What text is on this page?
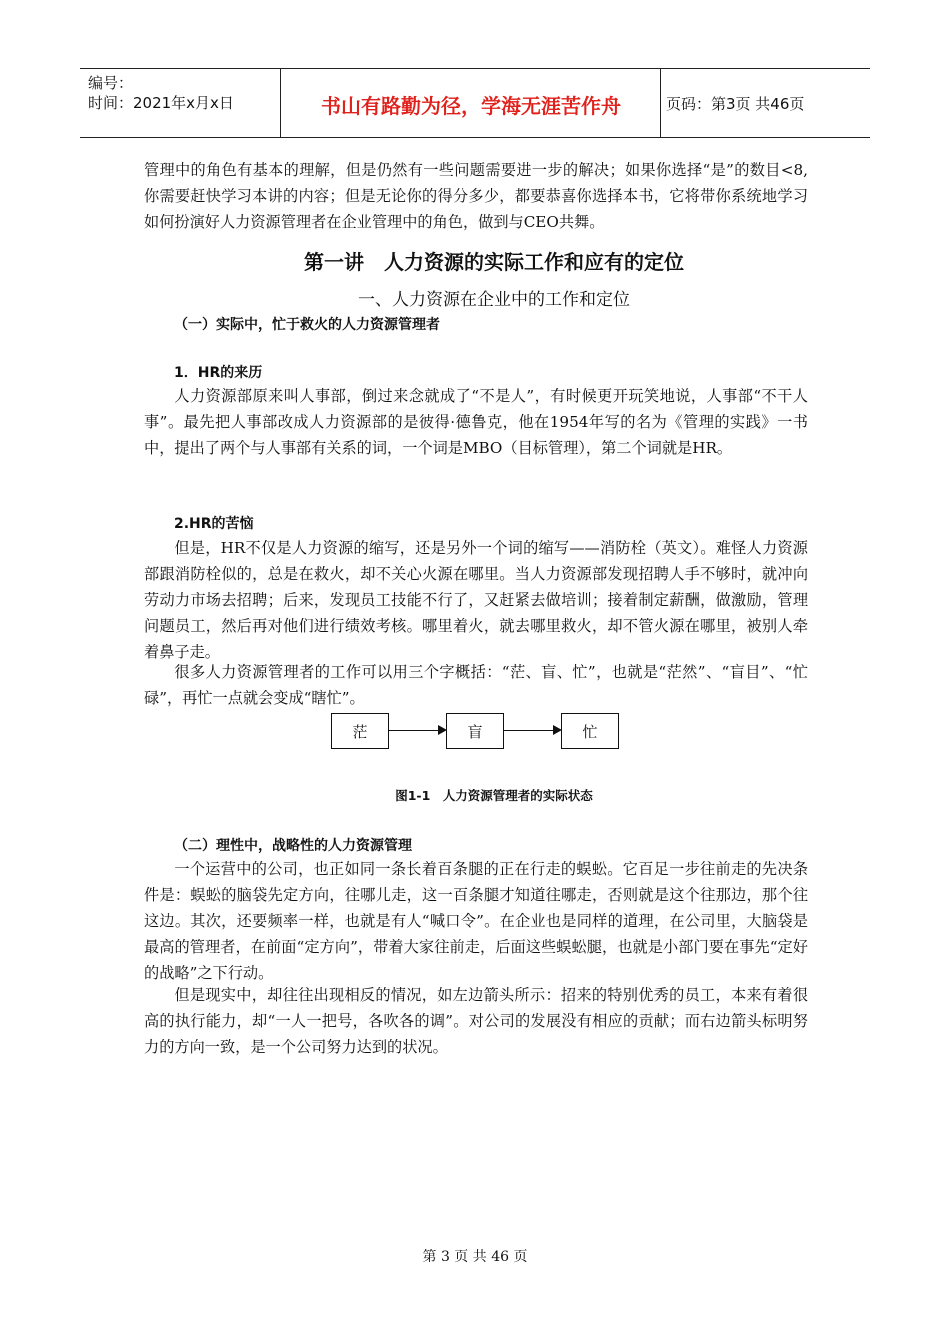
编号：
时间：2021年x月x日	书山有路勤为径，学海无涯苦作舟	页码：第3页 共46页
管理中的角色有基本的理解，但是仍然有一些问题需要进一步的解决；如果你选择“是”的数目<8,你需要赶快学习本讲的内容；但是无论你的得分多少，都要恭喜你选择本书，它将带你系统地学习如何扮演好人力资源管理者在企业管理中的角色，做到与CEO共舞。
第一讲　人力资源的实际工作和应有的定位
一、人力资源在企业中的工作和定位
（一）实际中，忙于救火的人力资源管理者
1．HR的来历
人力资源部原来叫人事部，倒过来念就成了“不是人”，有时候更开玩笑地说，人事部“不干人事”。最先把人事部改成人力资源部的是彼得·德鲁克，他在1954年写的名为《管理的实践》一书中，提出了两个与人事部有关系的词，一个词是MBO（目标管理），第二个词就是HR。
2.HR的苦恼
但是，HR不仅是人力资源的缩写，还是另外一个词的缩写——消防栓（英文）。难怪人力资源部跟消防栓似的，总是在救火，却不关心火源在哪里。当人力资源部发现招聘人手不够时，就冲向劳动力市场去招聘；后来，发现员工技能不行了，又赶紧去做培训；接着制定薪酬，做激励，管理问题员工，然后再对他们进行绩效考核。哪里着火，就去哪里救火，却不管火源在哪里，被别人牵着鼻子走。
很多人力资源管理者的工作可以用三个字概括：“茫、盲、忙”，也就是“茫然”、“盲目”、“忙碌”，再忙一点就会变成“瞎忙”。
茫	盲	忙
图1-1　人力资源管理者的实际状态
（二）理性中，战略性的人力资源管理
一个运营中的公司，也正如同一条长着百条腿的正在行走的蜈蚣。它百足一步往前走的先决条件是：蜈蚣的脑袋先定方向，往哪儿走，这一百条腿才知道往哪走，否则就是这个往那边，那个往这边。其次，还要频率一样，也就是有人“喊口令”。在企业也是同样的道理，在公司里，大脑袋是最高的管理者，在前面“定方向”，带着大家往前走，后面这些蜈蚣腿，也就是小部门要在事先“定好的战略”之下行动。
但是现实中，却往往出现相反的情况，如左边箭头所示：招来的特别优秀的员工，本来有着很高的执行能力，却“一人一把号，各吹各的调”。对公司的发展没有相应的贡献；而右边箭头标明努力的方向一致，是一个公司努力达到的状况。
第 3 页 共 46 页
